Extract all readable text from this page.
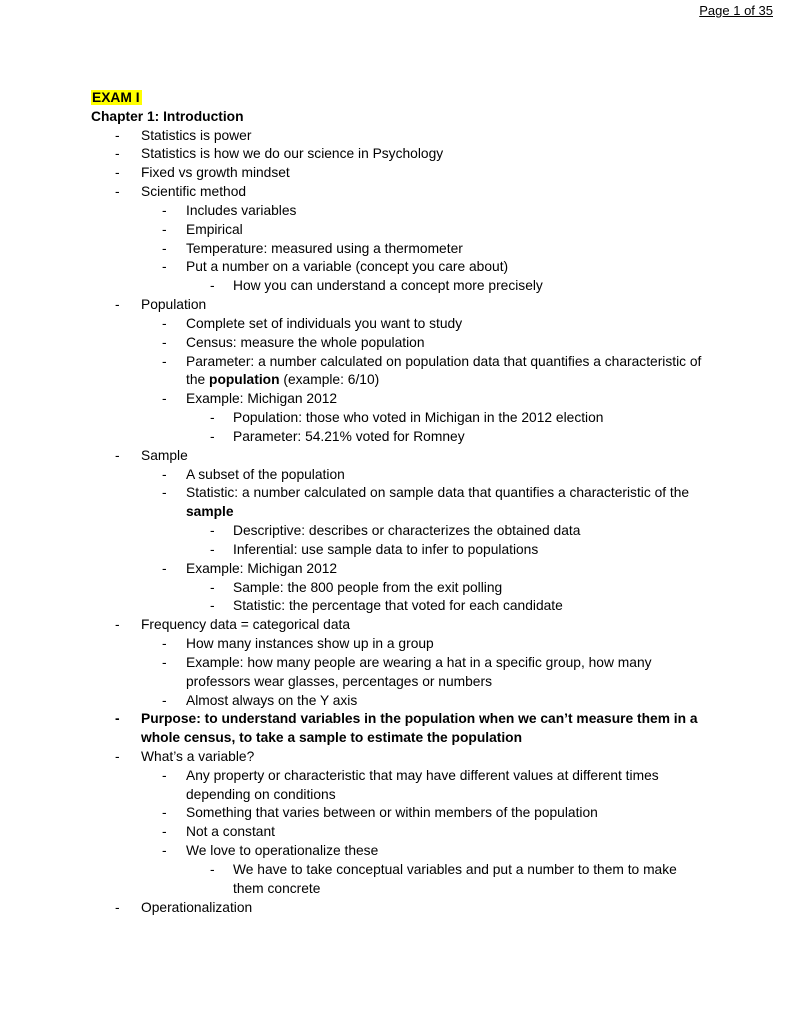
Page 1 of 35
EXAM I
Chapter 1: Introduction
- Statistics is power
- Statistics is how we do our science in Psychology
- Fixed vs growth mindset
- Scientific method
- Includes variables
- Empirical
- Temperature: measured using a thermometer
- Put a number on a variable (concept you care about)
- How you can understand a concept more precisely
- Population
- Complete set of individuals you want to study
- Census: measure the whole population
- Parameter: a number calculated on population data that quantifies a characteristic of the population (example: 6/10)
- Example: Michigan 2012
- Population: those who voted in Michigan in the 2012 election
- Parameter: 54.21% voted for Romney
- Sample
- A subset of the population
- Statistic: a number calculated on sample data that quantifies a characteristic of the sample
- Descriptive: describes or characterizes the obtained data
- Inferential: use sample data to infer to populations
- Example: Michigan 2012
- Sample: the 800 people from the exit polling
- Statistic: the percentage that voted for each candidate
- Frequency data = categorical data
- How many instances show up in a group
- Example: how many people are wearing a hat in a specific group, how many professors wear glasses, percentages or numbers
- Almost always on the Y axis
- Purpose: to understand variables in the population when we can’t measure them in a whole census, to take a sample to estimate the population
- What’s a variable?
- Any property or characteristic that may have different values at different times depending on conditions
- Something that varies between or within members of the population
- Not a constant
- We love to operationalize these
- We have to take conceptual variables and put a number to them to make them concrete
- Operationalization
